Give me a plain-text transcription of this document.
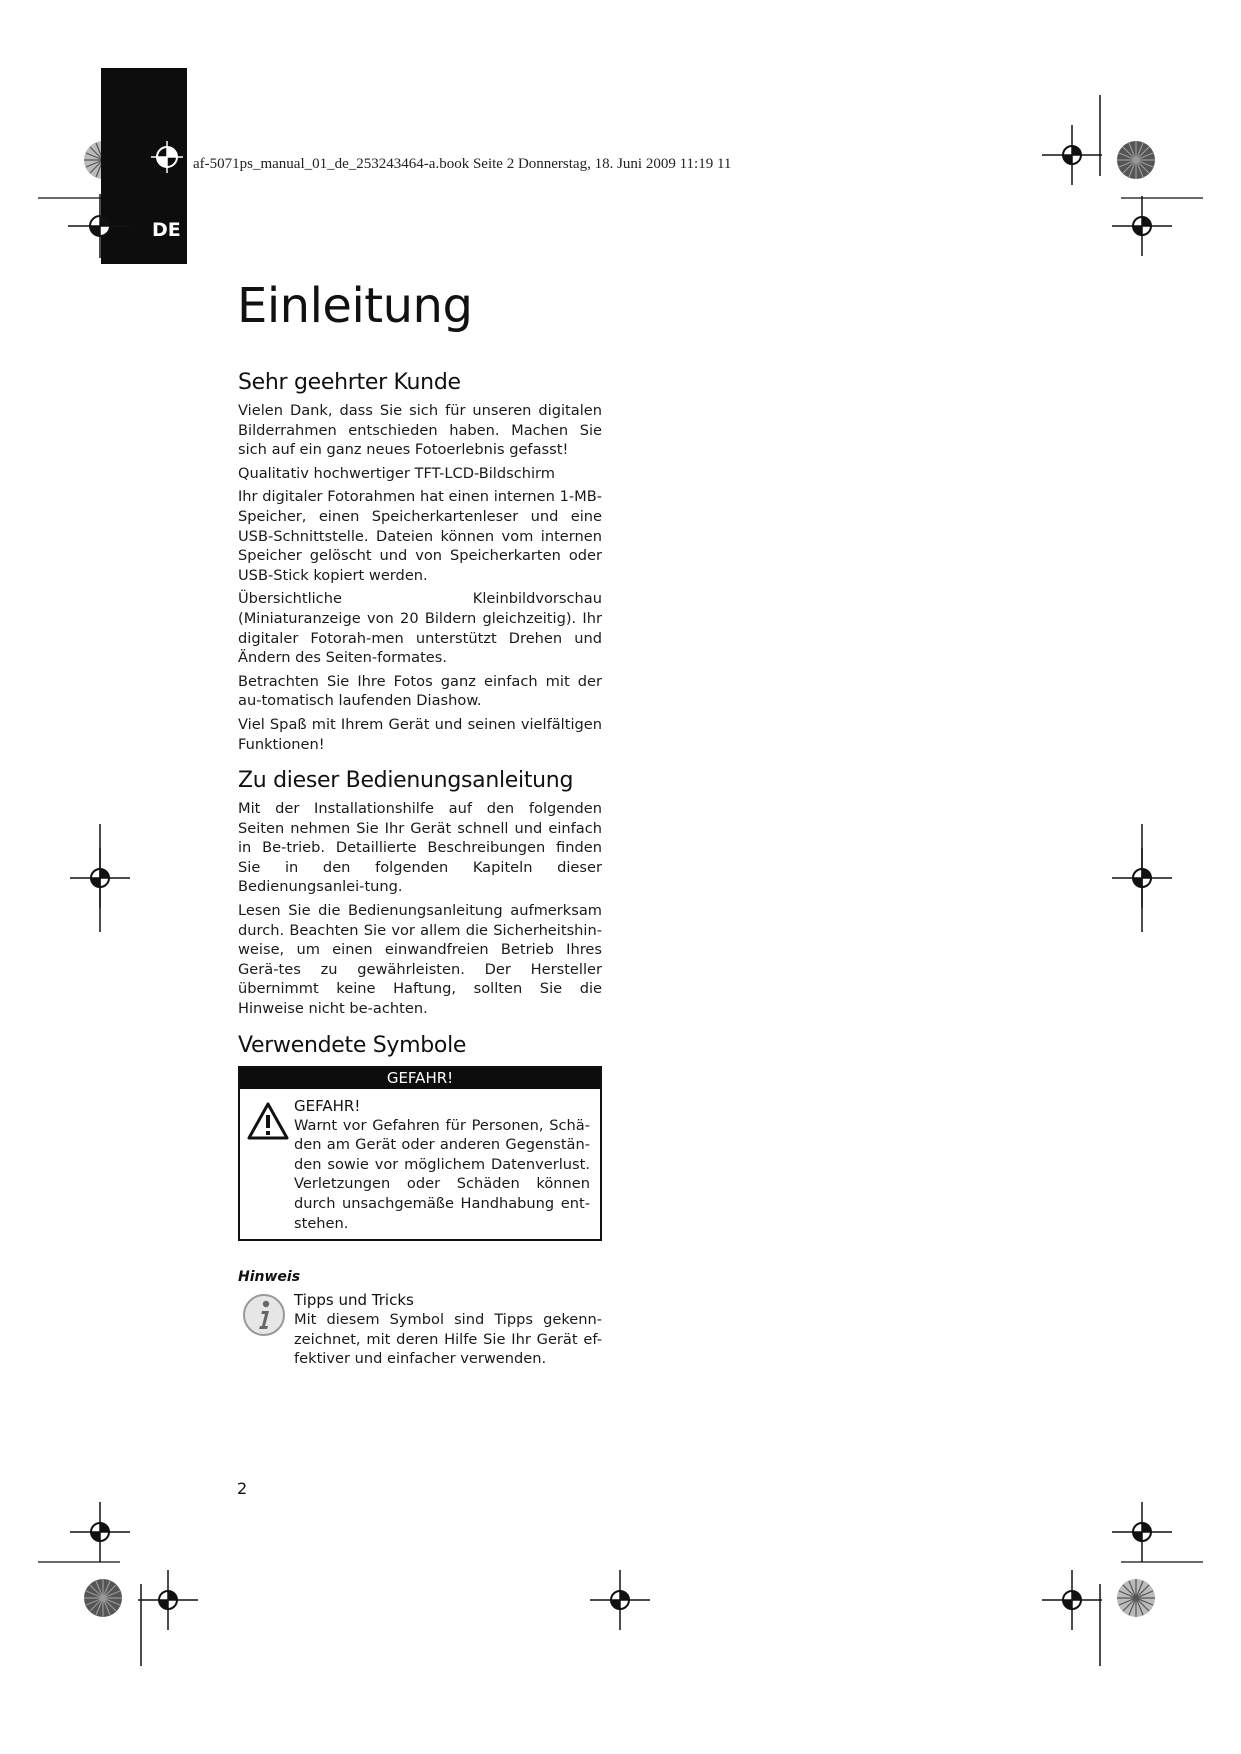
DE
af-5071ps_manual_01_de_253243464-a.book Seite 2 Donnerstag, 18. Juni 2009 11:19 11
Einleitung
Sehr geehrter Kunde

Vielen Dank, dass Sie sich für unseren digitalen Bilderrahmen entschieden haben. Machen Sie sich auf ein ganz neues Fotoerlebnis gefasst!

Qualitativ hochwertiger TFT-LCD-Bildschirm

Ihr digitaler Fotorahmen hat einen internen 1-MB-Speicher, einen Speicherkartenleser und eine USB-Schnittstelle. Dateien können vom internen Speicher gelöscht und von Speicherkarten oder USB-Stick kopiert werden.

Übersichtliche Kleinbildvorschau (Miniaturanzeige von 20 Bildern gleichzeitig). Ihr digitaler Fotorah-men unterstützt Drehen und Ändern des Seiten-formates.

Betrachten Sie Ihre Fotos ganz einfach mit der au-tomatisch laufenden Diashow.

Viel Spaß mit Ihrem Gerät und seinen vielfältigen Funktionen!

Zu dieser Bedienungsanleitung

Mit der Installationshilfe auf den folgenden Seiten nehmen Sie Ihr Gerät schnell und einfach in Be-trieb. Detaillierte Beschreibungen finden Sie in den folgenden Kapiteln dieser Bedienungsanlei-tung.

Lesen Sie die Bedienungsanleitung aufmerksam durch. Beachten Sie vor allem die Sicherheitshin-weise, um einen einwandfreien Betrieb Ihres Gerä-tes zu gewährleisten. Der Hersteller übernimmt keine Haftung, sollten Sie die Hinweise nicht be-achten.

Verwendete Symbole
GEFAHR!
GEFAHR!

Warnt vor Gefahren für Personen, Schä-den am Gerät oder anderen Gegenstän-den sowie vor möglichem Datenverlust. Verletzungen oder Schäden können durch unsachgemäße Handhabung ent-stehen.

Hinweis
Tipps und Tricks

Mit diesem Symbol sind Tipps gekenn-zeichnet, mit deren Hilfe Sie Ihr Gerät ef-fektiver und einfacher verwenden.

2
